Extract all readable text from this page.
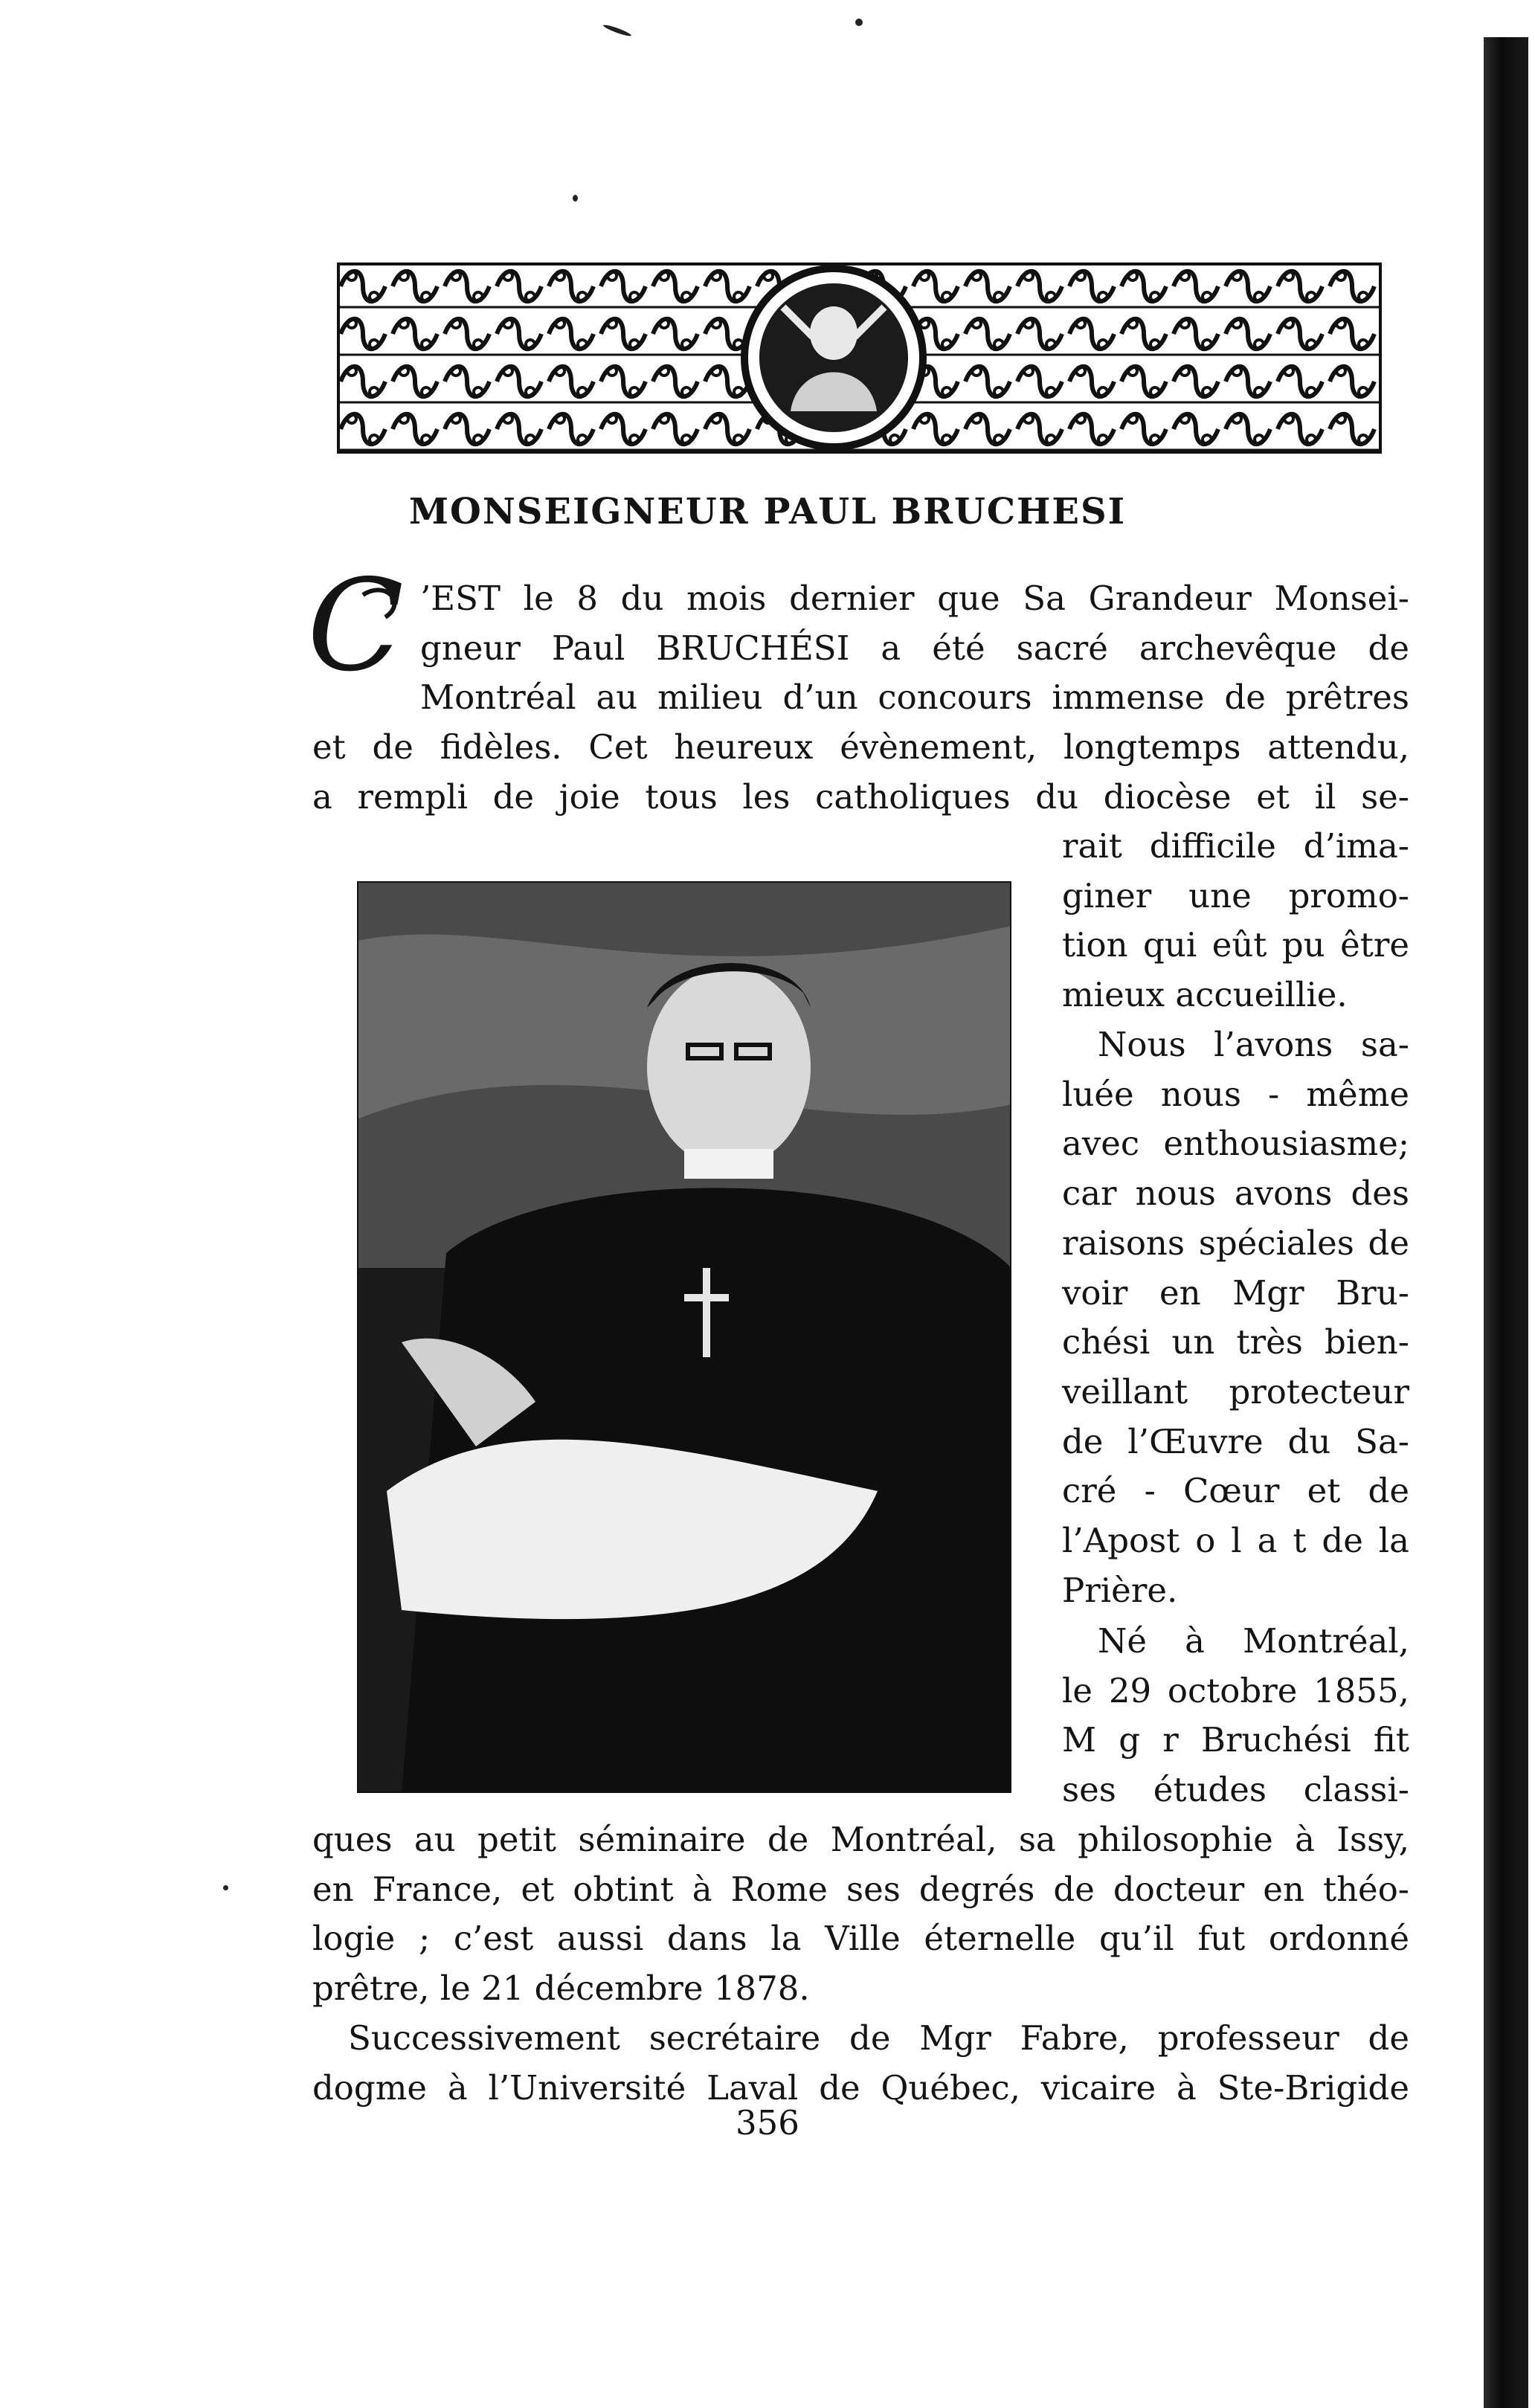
MONSEIGNEUR PAUL BRUCHESI
C ’EST le 8 du mois dernier que Sa Grandeur Monsei-
gneur Paul BRUCHÉSI a été sacré archevêque de
Montréal au milieu d’un concours immense de prêtres
et de fidèles. Cet heureux évènement, longtemps attendu,
a rempli de joie tous les catholiques du diocèse et il se-
rait difficile d’ima-
giner une promo-
tion qui eût pu être
mieux accueillie.
Nous l’avons sa-
luée nous - même
avec enthousiasme;
car nous avons des
raisons spéciales de
voir en Mgr Bru-
chési un très bien-
veillant protecteur
de l’Œuvre du Sa-
cré - Cœur et de
l’Apost o l a t de la
Prière.
Né à Montréal,
le 29 octobre 1855,
M g r Bruchési fit
ses études classi-
ques au petit séminaire de Montréal, sa philosophie à Issy,
en France, et obtint à Rome ses degrés de docteur en théo-
logie ; c’est aussi dans la Ville éternelle qu’il fut ordonné
prêtre, le 21 décembre 1878.
Successivement secrétaire de Mgr Fabre, professeur de
dogme à l’Université Laval de Québec, vicaire à Ste-Brigide
356
